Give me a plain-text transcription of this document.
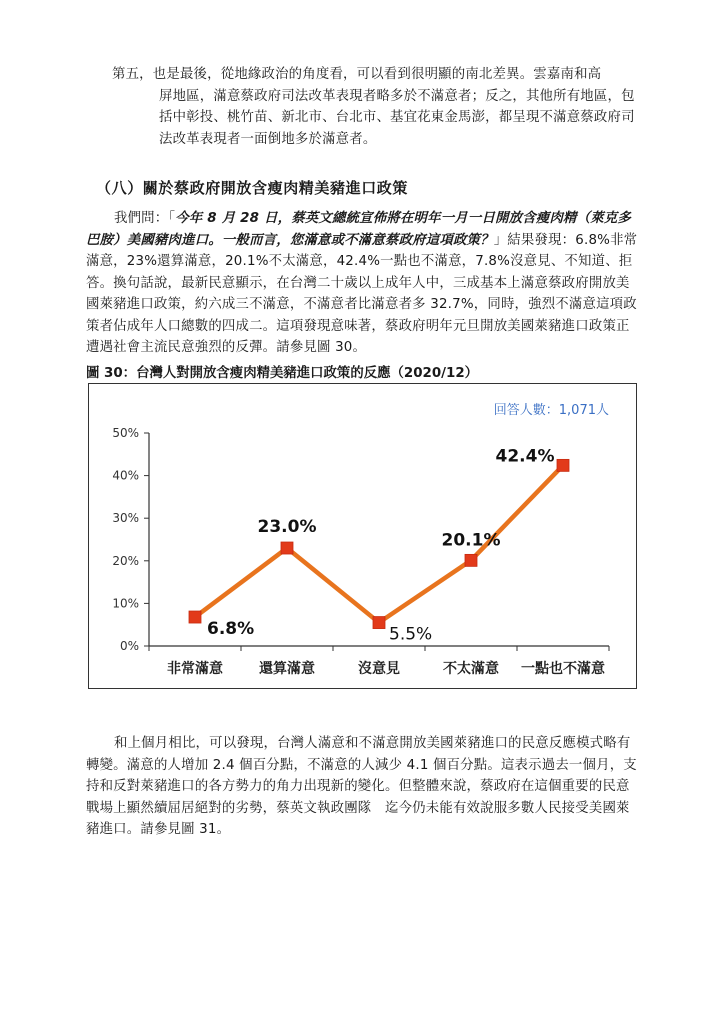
第五，也是最後，從地緣政治的角度看，可以看到很明顯的南北差異。雲嘉南和高
屏地區，滿意蔡政府司法改革表現者略多於不滿意者；反之，其他所有地區，包括中彰投、桃竹苗、新北市、台北市、基宜花東金馬澎，都呈現不滿意蔡政府司法改革表現者一面倒地多於滿意者。

（八）關於蔡政府開放含瘦肉精美豬進口政策

我們問：「今年 8 月 28 日，蔡英文總統宣佈將在明年一月一日開放含瘦肉精（萊克多巴胺）美國豬肉進口。一般而言，您滿意或不滿意蔡政府這項政策？」結果發現：6.8%非常滿意，23%還算滿意，20.1%不太滿意，42.4%一點也不滿意，7.8%沒意見、不知道、拒答。換句話說，最新民意顯示，在台灣二十歲以上成年人中，三成基本上滿意蔡政府開放美國萊豬進口政策，約六成三不滿意，不滿意者比滿意者多 32.7%，同時，強烈不滿意這項政策者佔成年人口總數的四成二。這項發現意味著，蔡政府明年元旦開放美國萊豬進口政策正遭遇社會主流民意強烈的反彈。請參見圖 30。

圖 30：台灣人對開放含瘦肉精美豬進口政策的反應（2020/12）
回答人數：1,071人
0%
10%
20%
30%
40%
50%
非常滿意	還算滿意	沒意見	不太滿意 一點也不滿意
6.8%
23.0%
5.5%
20.1%
42.4%

和上個月相比，可以發現，台灣人滿意和不滿意開放美國萊豬進口的民意反應模式略有轉變。滿意的人增加 2.4 個百分點，不滿意的人減少 4.1 個百分點。這表示過去一個月，支持和反對萊豬進口的各方勢力的角力出現新的變化。但整體來說，蔡政府在這個重要的民意戰場上顯然續屈居絕對的劣勢，蔡英文執政團隊　迄今仍未能有效說服多數人民接受美國萊豬進口。請參見圖 31。
